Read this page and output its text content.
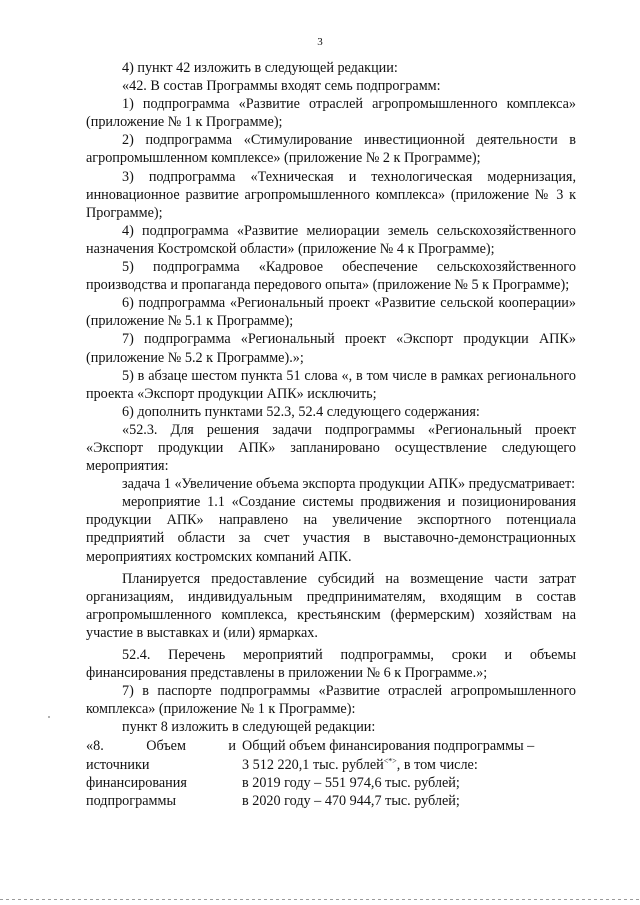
3

4) пункт 42 изложить в следующей редакции:

«42. В состав Программы входят семь подпрограмм:

1) подпрограмма «Развитие отраслей агропромышленного комплекса» (приложение № 1 к Программе);

2) подпрограмма «Стимулирование инвестиционной деятельности в агропромышленном комплексе» (приложение № 2 к Программе);

3) подпрограмма «Техническая и технологическая модернизация, инновационное развитие агропромышленного комплекса» (приложение № 3 к Программе);

4) подпрограмма «Развитие мелиорации земель сельскохозяйственного назначения Костромской области» (приложение № 4 к Программе);

5) подпрограмма «Кадровое обеспечение сельскохозяйственного производства и пропаганда передового опыта» (приложение № 5 к Программе);

6) подпрограмма «Региональный проект «Развитие сельской кооперации» (приложение № 5.1 к Программе);

7) подпрограмма «Региональный проект «Экспорт продукции АПК» (приложение № 5.2 к Программе).»;

5) в абзаце шестом пункта 51 слова «, в том числе в рамках регионального проекта «Экспорт продукции АПК» исключить;

6) дополнить пунктами 52.3, 52.4 следующего содержания:

«52.3. Для решения задачи подпрограммы «Региональный проект «Экспорт продукции АПК» запланировано осуществление следующего мероприятия:

задача 1 «Увеличение объема экспорта продукции АПК» предусматривает:

мероприятие 1.1 «Создание системы продвижения и позиционирования продукции АПК» направлено на увеличение экспортного потенциала предприятий области за счет участия в выставочно-демонстрационных мероприятиях костромских компаний АПК.

Планируется предоставление субсидий на возмещение части затрат организациям, индивидуальным предпринимателям, входящим в состав агропромышленного комплекса, крестьянским (фермерским) хозяйствам на участие в выставках и (или) ярмарках.

52.4. Перечень мероприятий подпрограммы, сроки и объемы финансирования представлены в приложении № 6 к Программе.»;

7) в паспорте подпрограммы «Развитие отраслей агропромышленного комплекса» (приложение № 1 к Программе):

пункт 8 изложить в следующей редакции:

«8.	Объем	и
источники
финансирования
подпрограммы
Общий объем финансирования подпрограммы –
3 512 220,1 тыс. рублей<*>, в том числе:
в 2019 году – 551 974,6 тыс. рублей;
в 2020 году – 470 944,7 тыс. рублей;
